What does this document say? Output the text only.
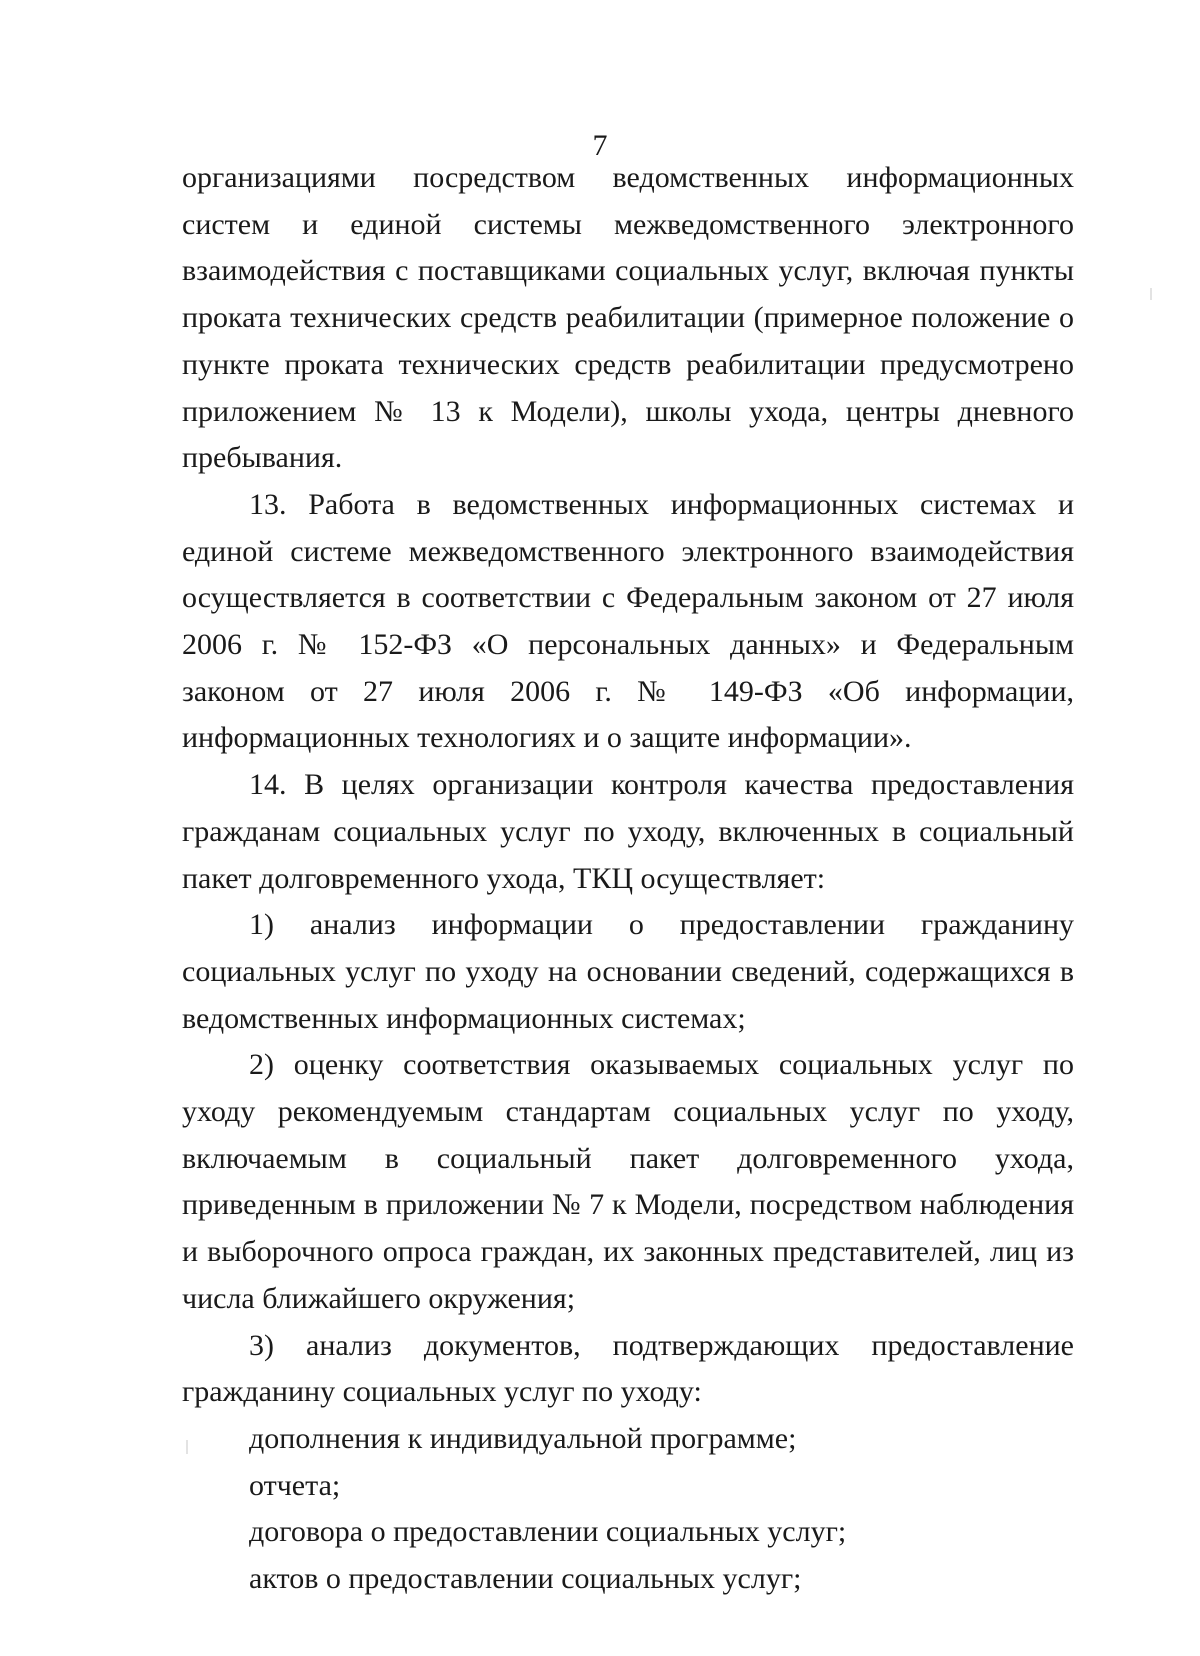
7

организациями посредством ведомственных информационных систем и единой системы межведомственного электронного взаимодействия с поставщиками социальных услуг, включая пункты проката технических средств реабилитации (примерное положение о пункте проката технических средств реабилитации предусмотрено приложением № 13 к Модели), школы ухода, центры дневного пребывания.

13. Работа в ведомственных информационных системах и единой системе межведомственного электронного взаимодействия осуществляется в соответствии с Федеральным законом от 27 июля 2006 г. № 152-ФЗ «О персональных данных» и Федеральным законом от 27 июля 2006 г. № 149-ФЗ «Об информации, информационных технологиях и о защите информации».

14. В целях организации контроля качества предоставления гражданам социальных услуг по уходу, включенных в социальный пакет долговременного ухода, ТКЦ осуществляет:

1) анализ информации о предоставлении гражданину социальных услуг по уходу на основании сведений, содержащихся в ведомственных информационных системах;

2) оценку соответствия оказываемых социальных услуг по уходу рекомендуемым стандартам социальных услуг по уходу, включаемым в социальный пакет долговременного ухода, приведенным в приложении № 7 к Модели, посредством наблюдения и выборочного опроса граждан, их законных представителей, лиц из числа ближайшего окружения;

3) анализ документов, подтверждающих предоставление гражданину социальных услуг по уходу:

дополнения к индивидуальной программе;

отчета;

договора о предоставлении социальных услуг;

актов о предоставлении социальных услуг;
